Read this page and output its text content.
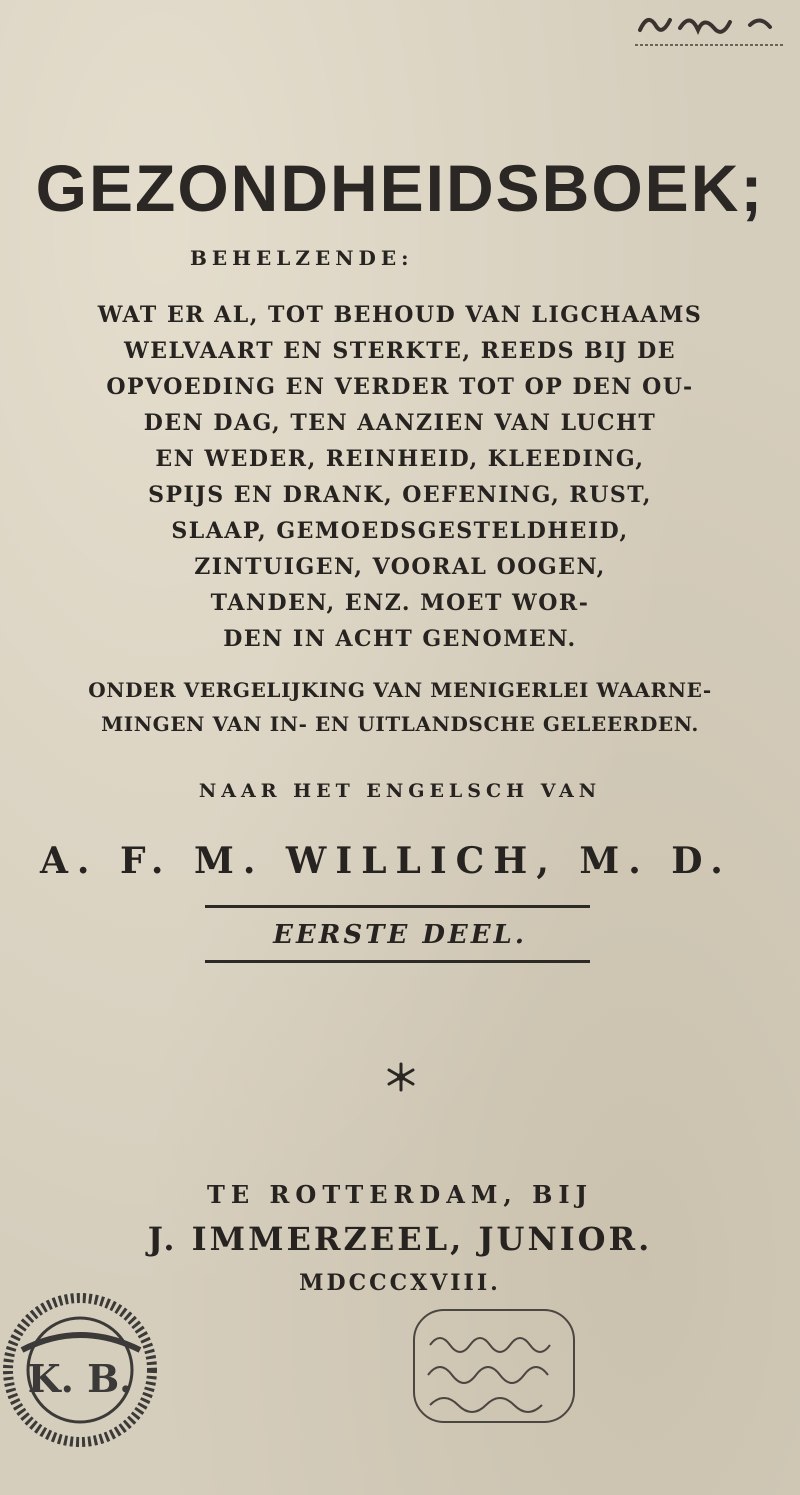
GEZONDHEIDSBOEK;
BEHELZENDE:
WAT ER AL, TOT BEHOUD VAN LIGCHAAMS
WELVAART EN STERKTE, REEDS BIJ DE
OPVOEDING EN VERDER TOT OP DEN OU-
DEN DAG, TEN AANZIEN VAN LUCHT
EN WEDER, REINHEID, KLEEDING,
SPIJS EN DRANK, OEFENING, RUST,
SLAAP, GEMOEDSGESTELDHEID,
ZINTUIGEN, VOORAL OOGEN,
TANDEN, ENZ. MOET WOR-
DEN IN ACHT GENOMEN.
ONDER VERGELIJKING VAN MENIGERLEI WAARNE-
MINGEN VAN IN- EN UITLANDSCHE GELEERDEN.
NAAR HET ENGELSCH VAN
A. F. M. WILLICH, M. D.
EERSTE DEEL.
TE ROTTERDAM, BIJ
J. IMMERZEEL, JUNIOR.
MDCCCXVIII.
K. B.
